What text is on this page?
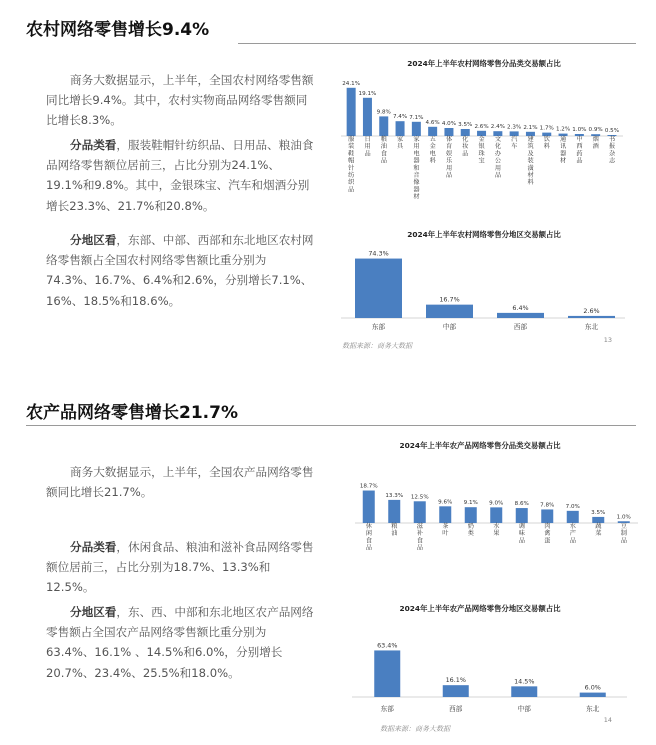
农村网络零售增长9.4%

商务大数据显示，上半年，全国农村网络零售额同比增长9.4%。其中，农村实物商品网络零售额同比增长8.3%。

分品类看，服装鞋帽针纺织品、日用品、粮油食品网络零售额位居前三，占比分别为24.1%、19.1%和9.8%。其中，金银珠宝、汽车和烟酒分别增长23.3%、21.7%和20.8%。

分地区看，东部、中部、西部和东北地区农村网络零售额占全国农村网络零售额比重分别为74.3%、16.7%、6.4%和2.6%，分别增长7.1%、16%、18.5%和18.6%。

农产品网络零售增长21.7%

商务大数据显示，上半年，全国农产品网络零售额同比增长21.7%。

分品类看，休闲食品、粮油和滋补食品网络零售额位居前三，占比分别为18.7%、13.3%和12.5%。

分地区看，东、西、中部和东北地区农产品网络零售额占全国农产品网络零售额比重分别为63.4%、16.1% 、14.5%和6.0%，分别增长20.7%、23.4%、25.5%和18.0%。

数据来源：商务大数据
13
数据来源：商务大数据
14
2024年上半年农村网络零售分品类交易额占比
24.1%
服装鞋帽针纺织品
19.1%
日用品
9.8%
粮油食品
7.4%
家具
7.1%
家用电器和音像器材
4.6%
五金电料
4.0%
体育娱乐用品
3.5%
化妆品
2.6%
金银珠宝
2.4%
文化办公用品
2.3%
汽车
2.1%
建筑及装潢材料
1.7%
饮料
1.2%
通讯器材
1.0%
中西药品
0.9%
烟酒
0.5%
书报杂志
2024年上半年农村网络零售分地区交易额占比
74.3%
东部
16.7%
中部
6.4%
西部
2.6%
东北
2024年上半年农产品网络零售分品类交易额占比
18.7%
休闲食品
13.3%
粮油
12.5%
滋补食品
9.6%
茶叶
9.1%
奶类
9.0%
水果
8.6%
调味品
7.8%
肉禽蛋
7.0%
水产品
3.5%
蔬菜
1.0%
豆制品
2024年上半年农产品网络零售分地区交易额占比
63.4%
东部
16.1%
西部
14.5%
中部
6.0%
东北
